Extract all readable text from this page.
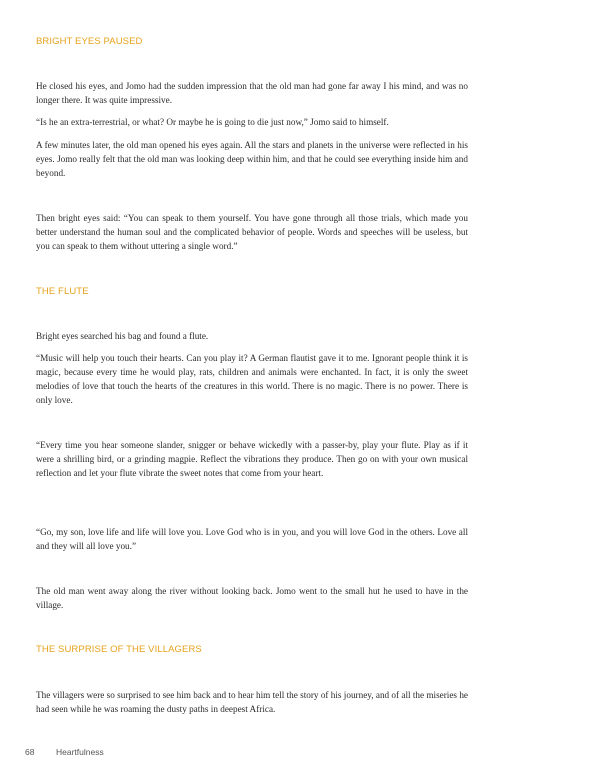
BRIGHT EYES PAUSED

He closed his eyes, and Jomo had the sudden impression that the old man had gone far away I his mind, and was no longer there. It was quite impressive.

“Is he an extra-terrestrial, or what? Or maybe he is going to die just now,” Jomo said to himself.

A few minutes later, the old man opened his eyes again. All the stars and planets in the universe were reflected in his eyes. Jomo really felt that the old man was looking deep within him, and that he could see everything inside him and beyond.

Then bright eyes said: “You can speak to them yourself. You have gone through all those trials, which made you better understand the human soul and the complicated behavior of people. Words and speeches will be useless, but you can speak to them without uttering a single word.”

THE FLUTE

Bright eyes searched his bag and found a flute.

“Music will help you touch their hearts. Can you play it? A German flautist gave it to me. Ignorant people think it is magic, because every time he would play, rats, children and animals were enchanted. In fact, it is only the sweet melodies of love that touch the hearts of the creatures in this world. There is no magic. There is no power. There is only love.

“Every time you hear someone slander, snigger or behave wickedly with a passer-by, play your flute. Play as if it were a shrilling bird, or a grinding magpie. Reflect the vibrations they produce. Then go on with your own musical reflection and let your flute vibrate the sweet notes that come from your heart.

“Go, my son, love life and life will love you. Love God who is in you, and you will love God in the others. Love all and they will all love you.”

The old man went away along the river without looking back. Jomo went to the small hut he used to have in the village.

THE SURPRISE OF THE VILLAGERS

The villagers were so surprised to see him back and to hear him tell the story of his journey, and of all the miseries he had seen while he was roaming the dusty paths in deepest Africa.

68	Heartfulness
